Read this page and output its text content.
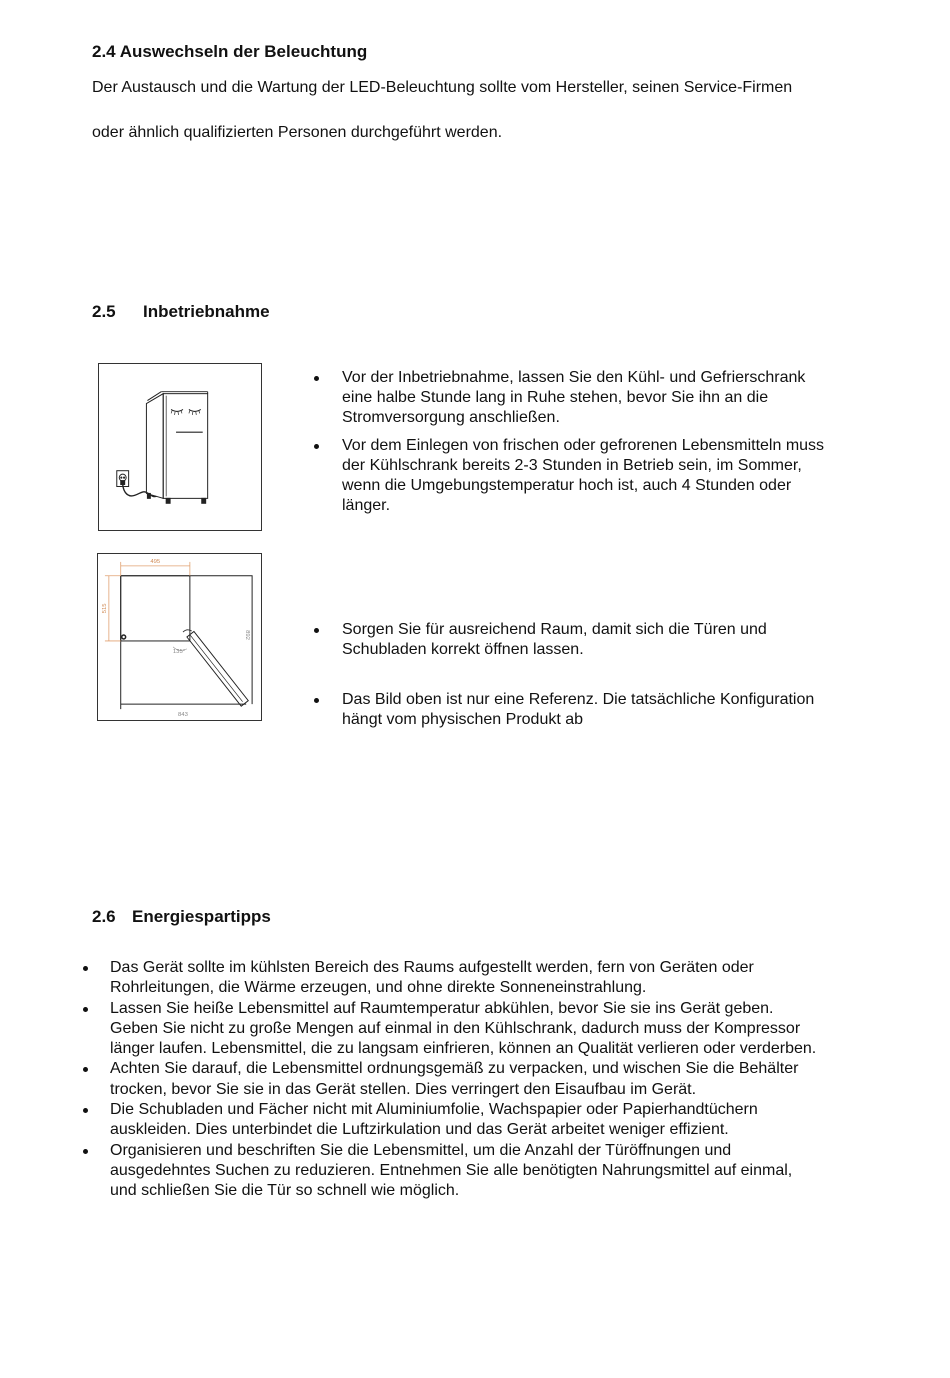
2.4 Auswechseln der Beleuchtung
Der Austausch und die Wartung der LED-Beleuchtung sollte vom Hersteller, seinen Service-Firmen
oder ähnlich qualifizierten Personen durchgeführt werden.
2.5 Inbetriebnahme
495
515
892
843
135°
Vor der Inbetriebnahme, lassen Sie den Kühl- und Gefrierschrank
eine halbe Stunde lang in Ruhe stehen, bevor Sie ihn an die
Stromversorgung anschließen.
Vor dem Einlegen von frischen oder gefrorenen Lebensmitteln muss
der Kühlschrank bereits 2-3 Stunden in Betrieb sein, im Sommer,
wenn die Umgebungstemperatur hoch ist, auch 4 Stunden oder
länger.
Sorgen Sie für ausreichend Raum, damit sich die Türen und
Schubladen korrekt öffnen lassen.
Das Bild oben ist nur eine Referenz. Die tatsächliche Konfiguration
hängt vom physischen Produkt ab
2.6 Energiespartipps
Das Gerät sollte im kühlsten Bereich des Raums aufgestellt werden, fern von Geräten oder
Rohrleitungen, die Wärme erzeugen, und ohne direkte Sonneneinstrahlung.
Lassen Sie heiße Lebensmittel auf Raumtemperatur abkühlen, bevor Sie sie ins Gerät geben.
Geben Sie nicht zu große Mengen auf einmal in den Kühlschrank, dadurch muss der Kompressor
länger laufen. Lebensmittel, die zu langsam einfrieren, können an Qualität verlieren oder verderben.
Achten Sie darauf, die Lebensmittel ordnungsgemäß zu verpacken, und wischen Sie die Behälter
trocken, bevor Sie sie in das Gerät stellen. Dies verringert den Eisaufbau im Gerät.
Die Schubladen und Fächer nicht mit Aluminiumfolie, Wachspapier oder Papierhandtüchern
auskleiden. Dies unterbindet die Luftzirkulation und das Gerät arbeitet weniger effizient.
Organisieren und beschriften Sie die Lebensmittel, um die Anzahl der Türöffnungen und
ausgedehntes Suchen zu reduzieren. Entnehmen Sie alle benötigten Nahrungsmittel auf einmal,
und schließen Sie die Tür so schnell wie möglich.
